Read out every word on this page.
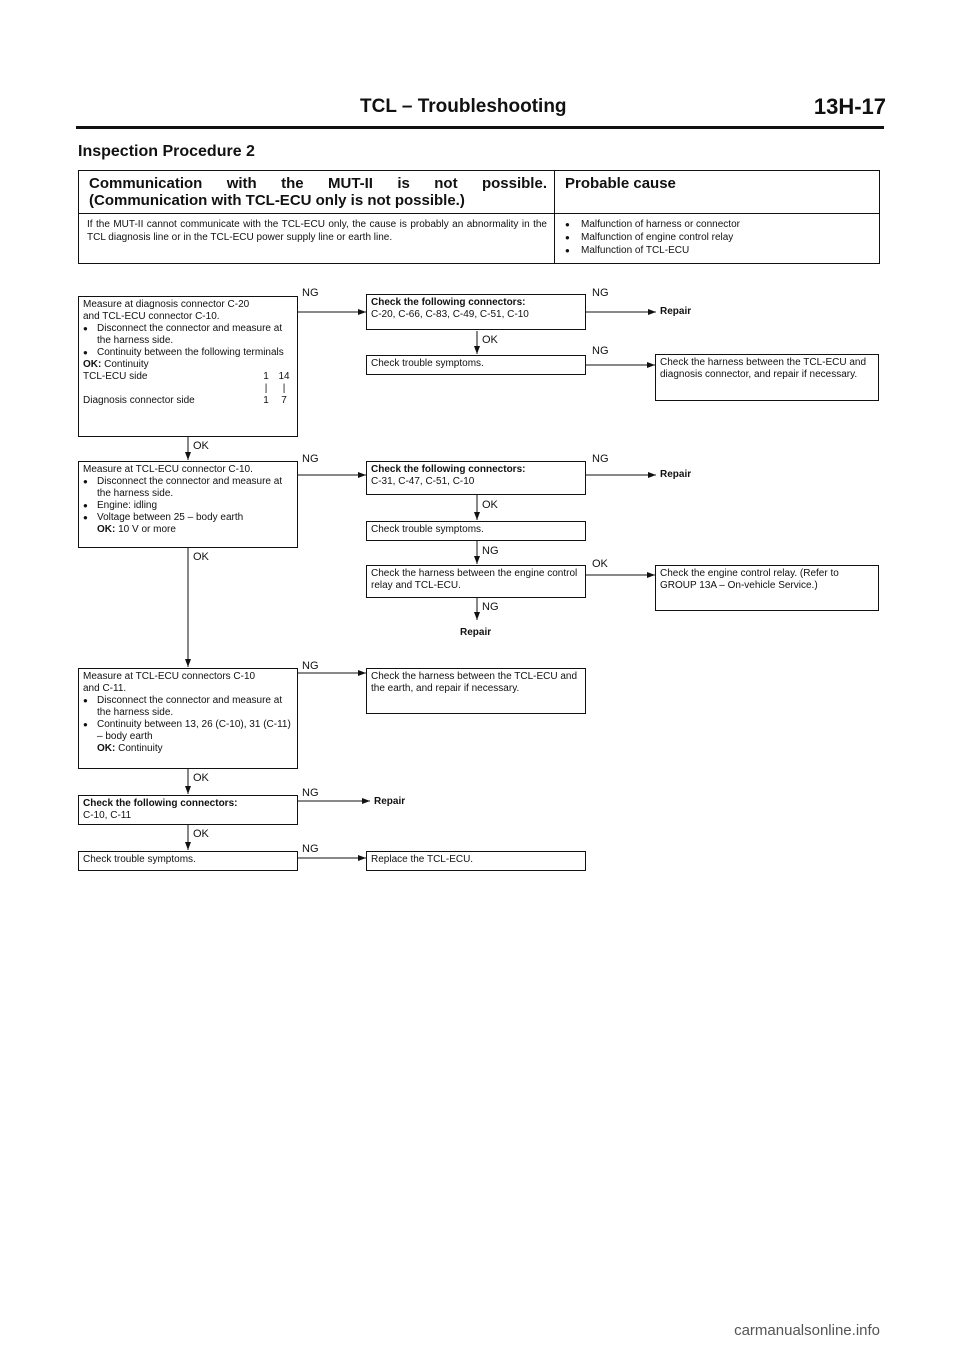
TCL – Troubleshooting	13H-17
Inspection Procedure 2
Communication with the MUT-II is not possible.
(Communication with TCL-ECU only is not possible.)
Probable cause
If the MUT-II cannot communicate with the TCL-ECU only, the cause is probably an abnormality in the TCL diagnosis line or in the TCL-ECU power supply line or earth line.
● Malfunction of harness or connector
● Malfunction of engine control relay
● Malfunction of TCL-ECU
Measure at diagnosis connector C-20
and TCL-ECU connector C-10.
● Disconnect the connector and measure at the harness side.
● Continuity between the following terminals
OK: Continuity
TCL-ECU side	1 14
|	|
Diagnosis connector side	1	7
NG
Check the following connectors:
C-20, C-66, C-83, C-49, C-51, C-10
NG
Repair
OK
Check trouble symptoms.
NG
Check the harness between the TCL-ECU and diagnosis connector, and repair if necessary.
OK
Measure at TCL-ECU connector C-10.
● Disconnect the connector and measure at the harness side.
● Engine: idling
● Voltage between 25 – body earth
OK: 10 V or more
NG
OK
Check the following connectors:
C-31, C-47, C-51, C-10
NG
Repair
OK
Check trouble symptoms.
NG
Check the harness between the engine control relay and TCL-ECU.
OK
Check the engine control relay. (Refer to GROUP 13A – On-vehicle Service.)
NG
Repair
Measure at TCL-ECU connectors C-10
and C-11.
● Disconnect the connector and measure at the harness side.
● Continuity between 13, 26 (C-10), 31 (C-11) – body earth
OK: Continuity
NG
Check the harness between the TCL-ECU and the earth, and repair if necessary.
OK
Check the following connectors:
C-10, C-11
NG
Repair
OK
Check trouble symptoms.
NG
Replace the TCL-ECU.
carmanualsonline.info
